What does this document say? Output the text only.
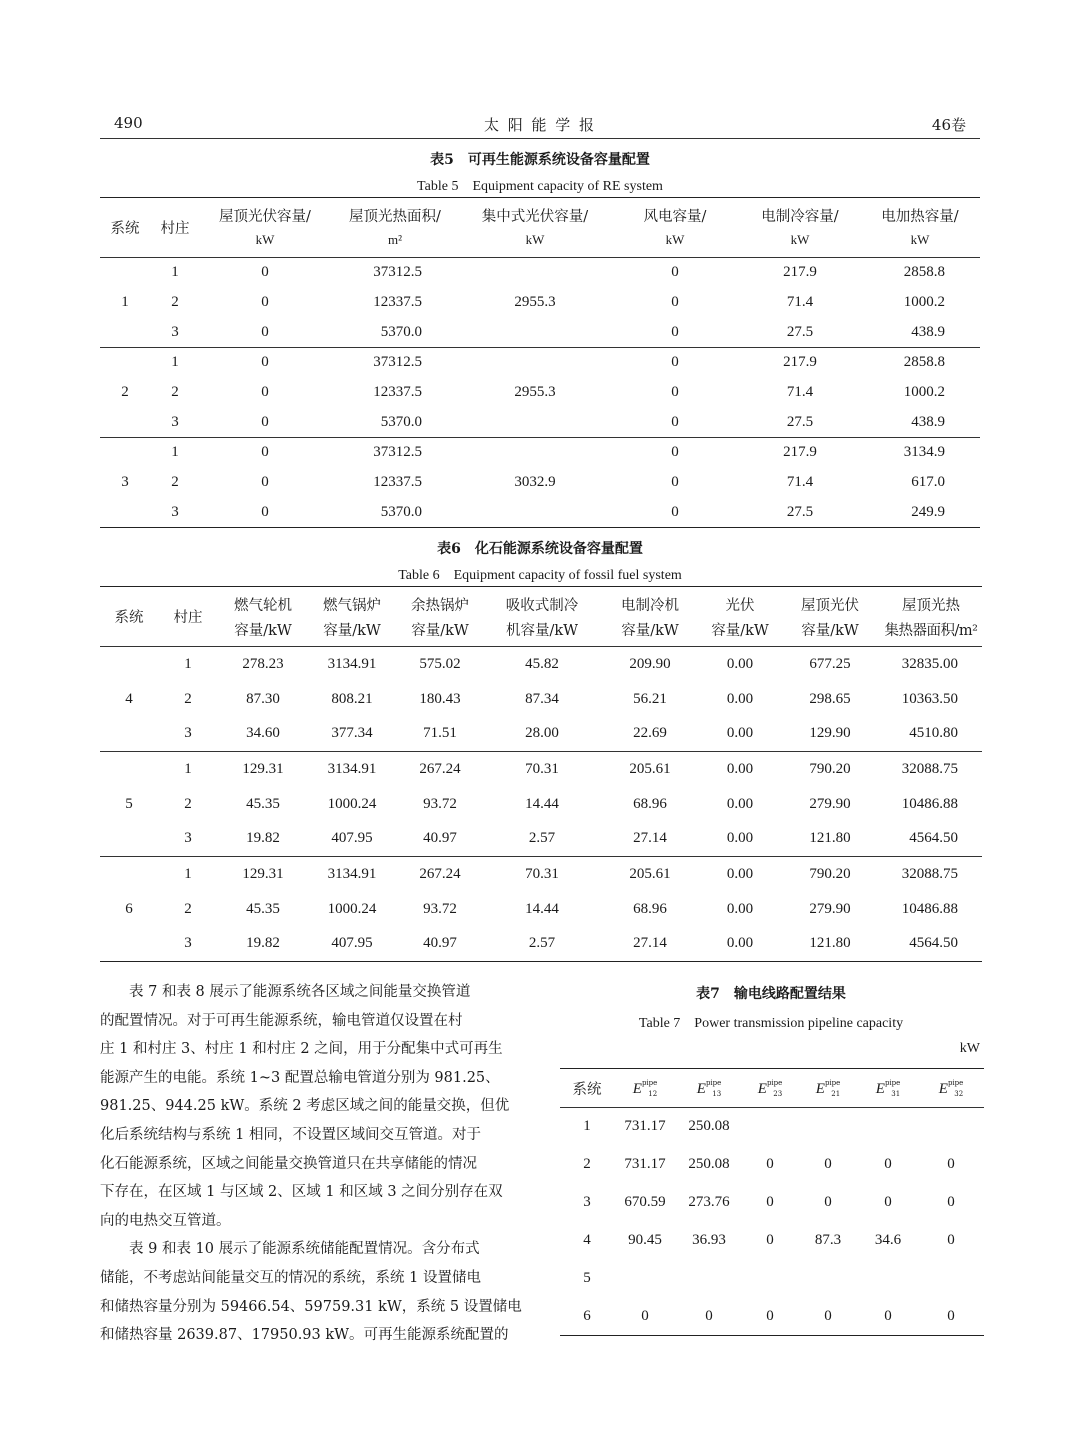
490	太 阳 能 学 报	46卷
表5　可再生能源系统设备容量配置
Table 5　Equipment capacity of RE system
系统	村庄	屋顶光伏容量/	屋顶光热面积/	集中式光伏容量/	风电容量/	电制冷容量/	电加热容量/
		kW	m²	kW	kW	kW	kW
1	1	0	37312.5	2955.3	0	217.9	2858.8
	2	0	12337.5		0	71.4	1000.2
	3	0	5370.0		0	27.5	438.9
2	1	0	37312.5	2955.3	0	217.9	2858.8
	2	0	12337.5		0	71.4	1000.2
	3	0	5370.0		0	27.5	438.9
3	1	0	37312.5	3032.9	0	217.9	3134.9
	2	0	12337.5		0	71.4	617.0
	3	0	5370.0		0	27.5	249.9
表6　化石能源系统设备容量配置
Table 6　Equipment capacity of fossil fuel system
系统	村庄	燃气轮机	燃气锅炉	余热锅炉	吸收式制冷	电制冷机	光伏	屋顶光伏	屋顶光热
		容量/kW	容量/kW	容量/kW	机容量/kW	容量/kW	容量/kW	容量/kW	集热器面积/m²
4	1	278.23	3134.91	575.02	45.82	209.90	0.00	677.25	32835.00
	2	87.30	808.21	180.43	87.34	56.21	0.00	298.65	10363.50
	3	34.60	377.34	71.51	28.00	22.69	0.00	129.90	4510.80
5	1	129.31	3134.91	267.24	70.31	205.61	0.00	790.20	32088.75
	2	45.35	1000.24	93.72	14.44	68.96	0.00	279.90	10486.88
	3	19.82	407.95	40.97	2.57	27.14	0.00	121.80	4564.50
6	1	129.31	3134.91	267.24	70.31	205.61	0.00	790.20	32088.75
	2	45.35	1000.24	93.72	14.44	68.96	0.00	279.90	10486.88
	3	19.82	407.95	40.97	2.57	27.14	0.00	121.80	4564.50
表 7 和表 8 展示了能源系统各区域之间能量交换管道
的配置情况。对于可再生能源系统，输电管道仅设置在村
庄 1 和村庄 3、村庄 1 和村庄 2 之间，用于分配集中式可再生
能源产生的电能。系统 1~3 配置总输电管道分别为 981.25、
981.25、944.25 kW。系统 2 考虑区域之间的能量交换，但优
化后系统结构与系统 1 相同，不设置区域间交互管道。对于
化石能源系统，区域之间能量交换管道只在共享储能的情况
下存在，在区域 1 与区域 2、区域 1 和区域 3 之间分别存在双
向的电热交互管道。
表 9 和表 10 展示了能源系统储能配置情况。含分布式
储能，不考虑站间能量交互的情况的系统，系统 1 设置储电
和储热容量分别为 59466.54、59759.31 kW，系统 5 设置储电
和储热容量 2639.87、17950.93 kW。可再生能源系统配置的
表7　输电线路配置结果
Table 7　Power transmission pipeline capacity
kW
系统	$E^{pipe}_{12}$	$E^{pipe}_{13}$	$E^{pipe}_{23}$	$E^{pipe}_{21}$	$E^{pipe}_{31}$	$E^{pipe}_{32}$
1	731.17	250.08				
2	731.17	250.08	0	0	0	0
3	670.59	273.76	0	0	0	0
4	90.45	36.93	0	87.3	34.6	0
5						
6	0	0	0	0	0	0
